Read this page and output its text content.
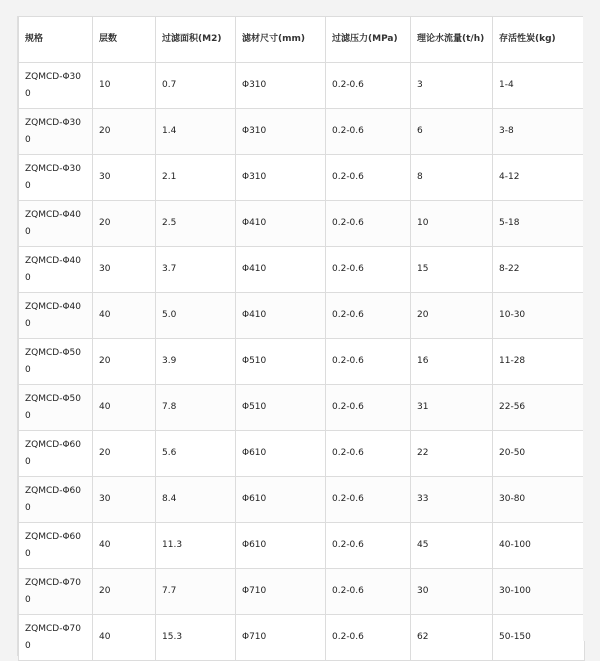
规格	层数	过滤面积(M2)	滤材尺寸(mm)	过滤压力(MPa)	理论水流量(t/h)	存活性炭(kg)
ZQMCD-Φ300	10	0.7	Φ310	0.2-0.6	3	1-4
ZQMCD-Φ300	20	1.4	Φ310	0.2-0.6	6	3-8
ZQMCD-Φ300	30	2.1	Φ310	0.2-0.6	8	4-12
ZQMCD-Φ400	20	2.5	Φ410	0.2-0.6	10	5-18
ZQMCD-Φ400	30	3.7	Φ410	0.2-0.6	15	8-22
ZQMCD-Φ400	40	5.0	Φ410	0.2-0.6	20	10-30
ZQMCD-Φ500	20	3.9	Φ510	0.2-0.6	16	11-28
ZQMCD-Φ500	40	7.8	Φ510	0.2-0.6	31	22-56
ZQMCD-Φ600	20	5.6	Φ610	0.2-0.6	22	20-50
ZQMCD-Φ600	30	8.4	Φ610	0.2-0.6	33	30-80
ZQMCD-Φ600	40	11.3	Φ610	0.2-0.6	45	40-100
ZQMCD-Φ700	20	7.7	Φ710	0.2-0.6	30	30-100
ZQMCD-Φ700	40	15.3	Φ710	0.2-0.6	62	50-150
